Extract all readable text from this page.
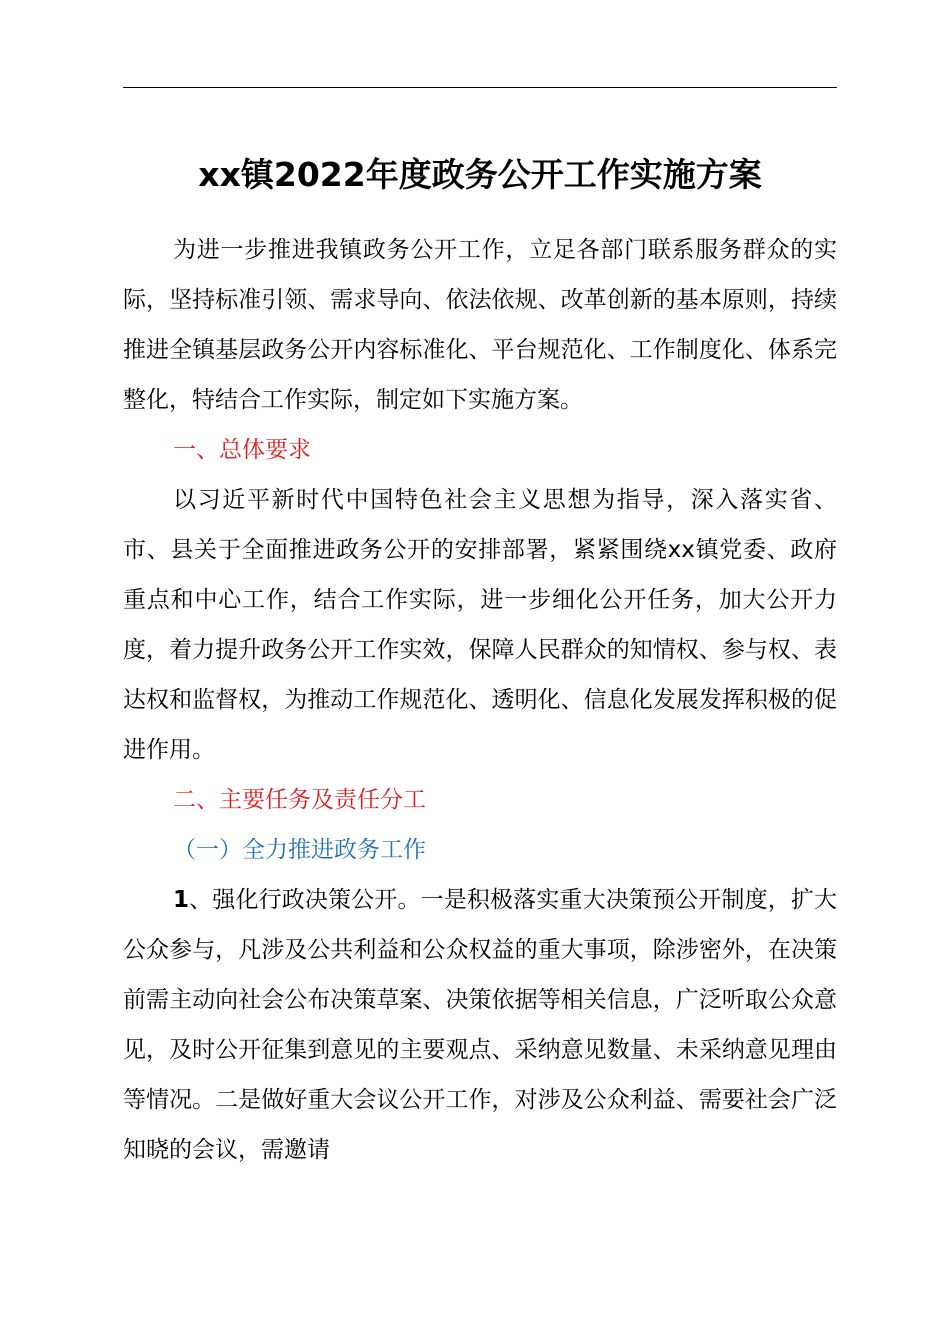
xx镇2022年度政务公开工作实施方案

为进一步推进我镇政务公开工作，立足各部门联系服务群众的实际，坚持标准引领、需求导向、依法依规、改革创新的基本原则，持续推进全镇基层政务公开内容标准化、平台规范化、工作制度化、体系完整化，特结合工作实际，制定如下实施方案。

一、总体要求

以习近平新时代中国特色社会主义思想为指导，深入落实省、市、县关于全面推进政务公开的安排部署，紧紧围绕xx镇党委、政府重点和中心工作，结合工作实际，进一步细化公开任务，加大公开力度，着力提升政务公开工作实效，保障人民群众的知情权、参与权、表达权和监督权，为推动工作规范化、透明化、信息化发展发挥积极的促进作用。

二、主要任务及责任分工

（一）全力推进政务工作

1、强化行政决策公开。一是积极落实重大决策预公开制度，扩大公众参与，凡涉及公共利益和公众权益的重大事项，除涉密外，在决策前需主动向社会公布决策草案、决策依据等相关信息，广泛听取公众意见，及时公开征集到意见的主要观点、采纳意见数量、未采纳意见理由等情况。二是做好重大会议公开工作，对涉及公众利益、需要社会广泛知晓的会议，需邀请
